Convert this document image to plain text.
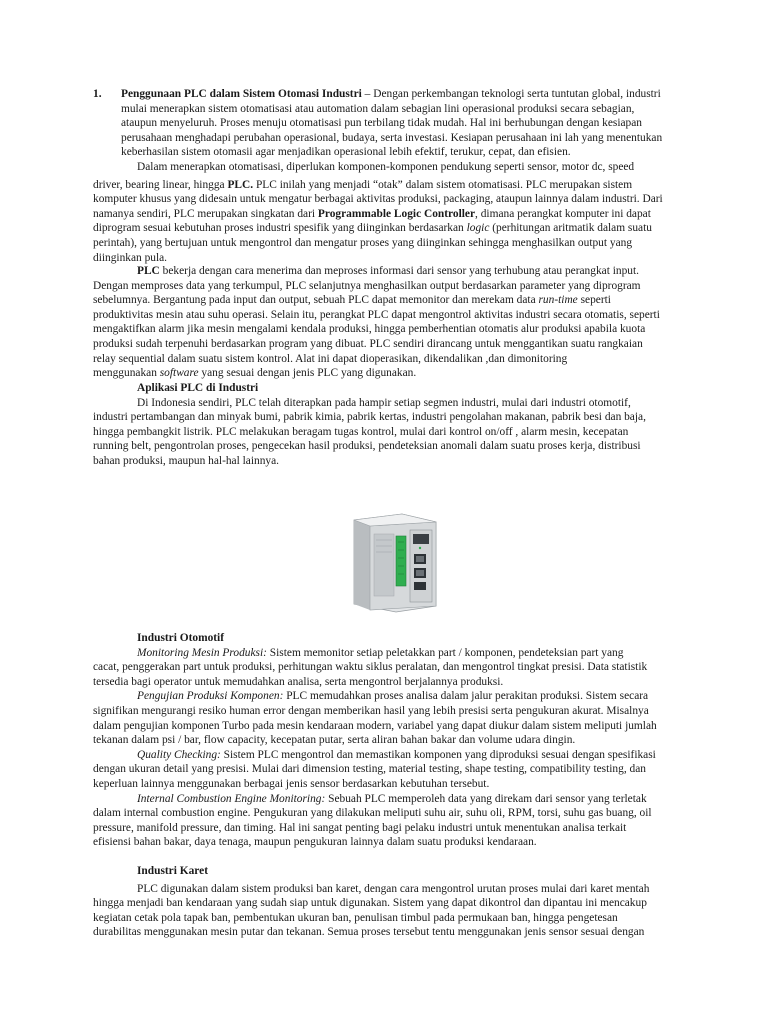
1. Penggunaan PLC dalam Sistem Otomasi Industri – Dengan perkembangan teknologi serta tuntutan global, industri
mulai menerapkan sistem otomatisasi atau automation dalam sebagian lini operasional produksi secara sebagian,
ataupun menyeluruh. Proses menuju otomatisasi pun terbilang tidak mudah. Hal ini berhubungan dengan kesiapan
perusahaan menghadapi perubahan operasional, budaya, serta investasi. Kesiapan perusahaan ini lah yang menentukan
keberhasilan sistem otomasii agar menjadikan operasional lebih efektif, terukur, cepat, dan efisien.
Dalam menerapkan otomatisasi, diperlukan komponen-komponen pendukung seperti sensor, motor dc, speed
driver, bearing linear, hingga PLC. PLC inilah yang menjadi “otak” dalam sistem otomatisasi. PLC merupakan sistem
komputer khusus yang didesain untuk mengatur berbagai aktivitas produksi, packaging, ataupun lainnya dalam industri. Dari
namanya sendiri, PLC merupakan singkatan dari Programmable Logic Controller, dimana perangkat komputer ini dapat
diprogram sesuai kebutuhan proses industri spesifik yang diinginkan berdasarkan logic (perhitungan aritmatik dalam suatu
perintah), yang bertujuan untuk mengontrol dan mengatur proses yang diinginkan sehingga menghasilkan output yang
diinginkan pula.
PLC bekerja dengan cara menerima dan meproses informasi dari sensor yang terhubung atau perangkat input.
Dengan memproses data yang terkumpul, PLC selanjutnya menghasilkan output berdasarkan parameter yang diprogram
sebelumnya. Bergantung pada input dan output, sebuah PLC dapat memonitor dan merekam data run-time seperti
produktivitas mesin atau suhu operasi. Selain itu, perangkat PLC dapat mengontrol aktivitas industri secara otomatis, seperti
mengaktifkan alarm jika mesin mengalami kendala produksi, hingga pemberhentian otomatis alur produksi apabila kuota
produksi sudah terpenuhi berdasarkan program yang dibuat. PLC sendiri dirancang untuk menggantikan suatu rangkaian
relay sequential dalam suatu sistem kontrol. Alat ini dapat dioperasikan, dikendalikan ,dan dimonitoring
menggunakan software yang sesuai dengan jenis PLC yang digunakan.
Aplikasi PLC di Industri
Di Indonesia sendiri, PLC telah diterapkan pada hampir setiap segmen industri, mulai dari industri otomotif,
industri pertambangan dan minyak bumi, pabrik kimia, pabrik kertas, industri pengolahan makanan, pabrik besi dan baja,
hingga pembangkit listrik. PLC melakukan beragam tugas kontrol, mulai dari kontrol on/off , alarm mesin, kecepatan
running belt, pengontrolan proses, pengecekan hasil produksi, pendeteksian anomali dalam suatu proses kerja, distribusi
bahan produksi, maupun hal-hal lainnya.
Industri Otomotif
Monitoring Mesin Produksi: Sistem memonitor setiap peletakkan part / komponen, pendeteksian part yang
cacat, penggerakan part untuk produksi, perhitungan waktu siklus peralatan, dan mengontrol tingkat presisi. Data statistik
tersedia bagi operator untuk memudahkan analisa, serta mengontrol berjalannya produksi.
Pengujian Produksi Komponen: PLC memudahkan proses analisa dalam jalur perakitan produksi. Sistem secara
signifikan mengurangi resiko human error dengan memberikan hasil yang lebih presisi serta pengukuran akurat. Misalnya
dalam pengujian komponen Turbo pada mesin kendaraan modern, variabel yang dapat diukur dalam sistem meliputi jumlah
tekanan dalam psi / bar, flow capacity, kecepatan putar, serta aliran bahan bakar dan volume udara dingin.
Quality Checking: Sistem PLC mengontrol dan memastikan komponen yang diproduksi sesuai dengan spesifikasi
dengan ukuran detail yang presisi. Mulai dari dimension testing, material testing, shape testing, compatibility testing, dan
keperluan lainnya menggunakan berbagai jenis sensor berdasarkan kebutuhan tersebut.
Internal Combustion Engine Monitoring: Sebuah PLC memperoleh data yang direkam dari sensor yang terletak
dalam internal combustion engine. Pengukuran yang dilakukan meliputi suhu air, suhu oli, RPM, torsi, suhu gas buang, oil
pressure, manifold pressure, dan timing. Hal ini sangat penting bagi pelaku industri untuk menentukan analisa terkait
efisiensi bahan bakar, daya tenaga, maupun pengukuran lainnya dalam suatu produksi kendaraan.
Industri Karet
PLC digunakan dalam sistem produksi ban karet, dengan cara mengontrol urutan proses mulai dari karet mentah
hingga menjadi ban kendaraan yang sudah siap untuk digunakan. Sistem yang dapat dikontrol dan dipantau ini mencakup
kegiatan cetak pola tapak ban, pembentukan ukuran ban, penulisan timbul pada permukaan ban, hingga pengetesan
durabilitas menggunakan mesin putar dan tekanan. Semua proses tersebut tentu menggunakan jenis sensor sesuai dengan
